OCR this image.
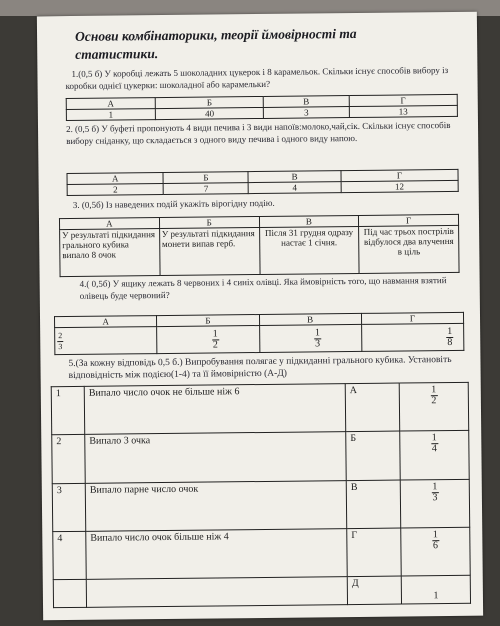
Основи комбінаторики, теорії ймовірності та
статистики.
1.(0,5 б) У коробці лежать 5 шоколадних цукерок і 8 карамельок. Скільки існує способів вибору із коробки однієї цукерки: шоколадної або карамельки?
А	Б	В	Г
1	40	3	13
2. (0,5 б) У буфеті пропонують 4 види печива і 3 види напоїв:молоко,чай,сік. Скільки існує способів вибору сніданку, що складається з одного виду печива і одного виду напою.
А	Б	В	Г
2	7	4	12
3. (0,5б) Із наведених подій укажіть вірогідну подію.
А	Б	В	Г
У результаті підкидання грального кубика випало 8 очок	У результаті підкидання монети випав герб.	Після 31 грудня одразу настає 1 січня.	Під час трьох пострілів відбулося два влучення в ціль
4.( 0,5б) У ящику лежать 8 червоних і 4 синіх олівці. Яка ймовірність того, що навмання взятий олівець буде червоний?
А	Б	В	Г

$\frac{2}{3}$	$\frac{1}{2}$	$\frac{1}{3}$	$\frac{1}{8}$
5.(За кожну відповідь 0,5 б.) Випробування полягає у підкиданні грального кубика. Установіть відповідність між подією(1-4) та її ймовірністю (А-Д)
1	Випало число очок не більше ніж 6	А	$\frac{1}{2}$

2	Випало 3 очка	Б	$\frac{1}{4}$

3	Випало парне число очок	В	$\frac{1}{3}$

4	Випало число очок більше ніж 4	Г	$\frac{1}{6}$

		Д	1
